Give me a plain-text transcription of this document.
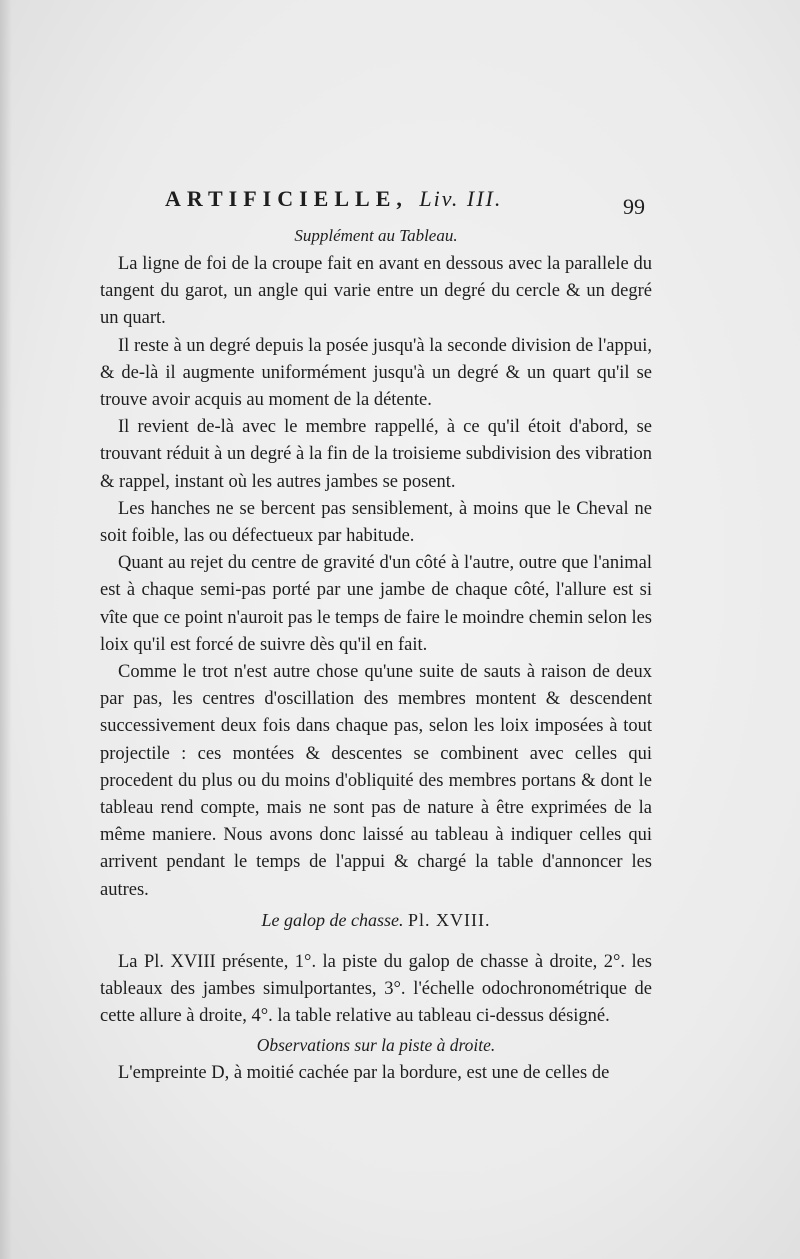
ARTIFICIELLE, Liv. III.	99
Supplément au Tableau.

La ligne de foi de la croupe fait en avant en dessous avec la parallele du tangent du garot, un angle qui varie entre un degré du cercle & un degré un quart.

Il reste à un degré depuis la posée jusqu'à la seconde division de l'appui, & de-là il augmente uniformément jusqu'à un degré & un quart qu'il se trouve avoir acquis au moment de la détente.

Il revient de-là avec le membre rappellé, à ce qu'il étoit d'abord, se trouvant réduit à un degré à la fin de la troisieme subdivision des vibration & rappel, instant où les autres jambes se posent.

Les hanches ne se bercent pas sensiblement, à moins que le Cheval ne soit foible, las ou défectueux par habitude.

Quant au rejet du centre de gravité d'un côté à l'autre, outre que l'animal est à chaque semi-pas porté par une jambe de chaque côté, l'allure est si vîte que ce point n'auroit pas le temps de faire le moindre chemin selon les loix qu'il est forcé de suivre dès qu'il en fait.

Comme le trot n'est autre chose qu'une suite de sauts à raison de deux par pas, les centres d'oscillation des membres montent & descendent successivement deux fois dans chaque pas, selon les loix imposées à tout projectile : ces montées & descentes se combinent avec celles qui procedent du plus ou du moins d'obliquité des membres portans & dont le tableau rend compte, mais ne sont pas de nature à être exprimées de la même maniere. Nous avons donc laissé au tableau à indiquer celles qui arrivent pendant le temps de l'appui & chargé la table d'annoncer les autres.

Le galop de chasse. Pl. XVIII.

La Pl. XVIII présente, 1°. la piste du galop de chasse à droite, 2°. les tableaux des jambes simulportantes, 3°. l'échelle odochronométrique de cette allure à droite, 4°. la table relative au tableau ci-dessus désigné.

Observations sur la piste à droite.

L'empreinte D, à moitié cachée par la bordure, est une de celles de
